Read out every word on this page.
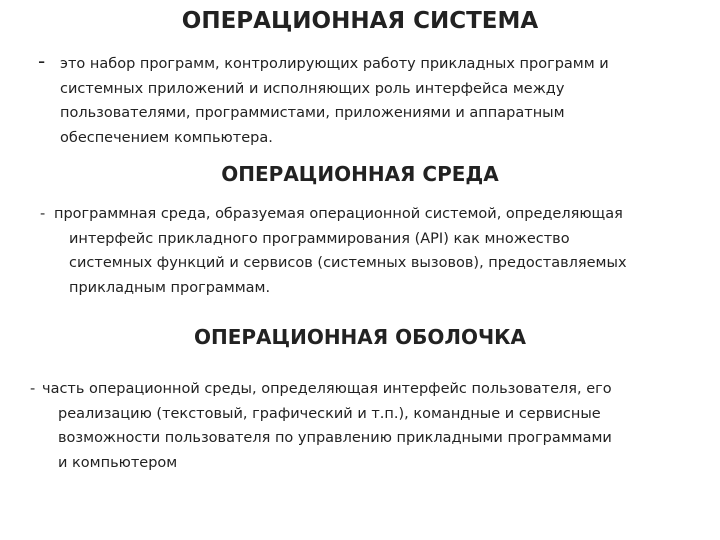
ОПЕРАЦИОННАЯ СИСТЕМА
- это набор программ, контролирующих работу прикладных программ и
системных приложений и исполняющих роль интерфейса между
пользователями, программистами, приложениями и аппаратным
обеспечением компьютера.
ОПЕРАЦИОННАЯ СРЕДА
- программная среда, образуемая операционной системой, определяющая
интерфейс прикладного программирования (API) как множество
системных функций и сервисов (системных вызовов), предоставляемых
прикладным программам.
ОПЕРАЦИОННАЯ ОБОЛОЧКА
- часть операционной среды, определяющая интерфейс пользователя, его
реализацию (текстовый, графический и т.п.), командные и сервисные
возможности пользователя по управлению прикладными программами
и компьютером
